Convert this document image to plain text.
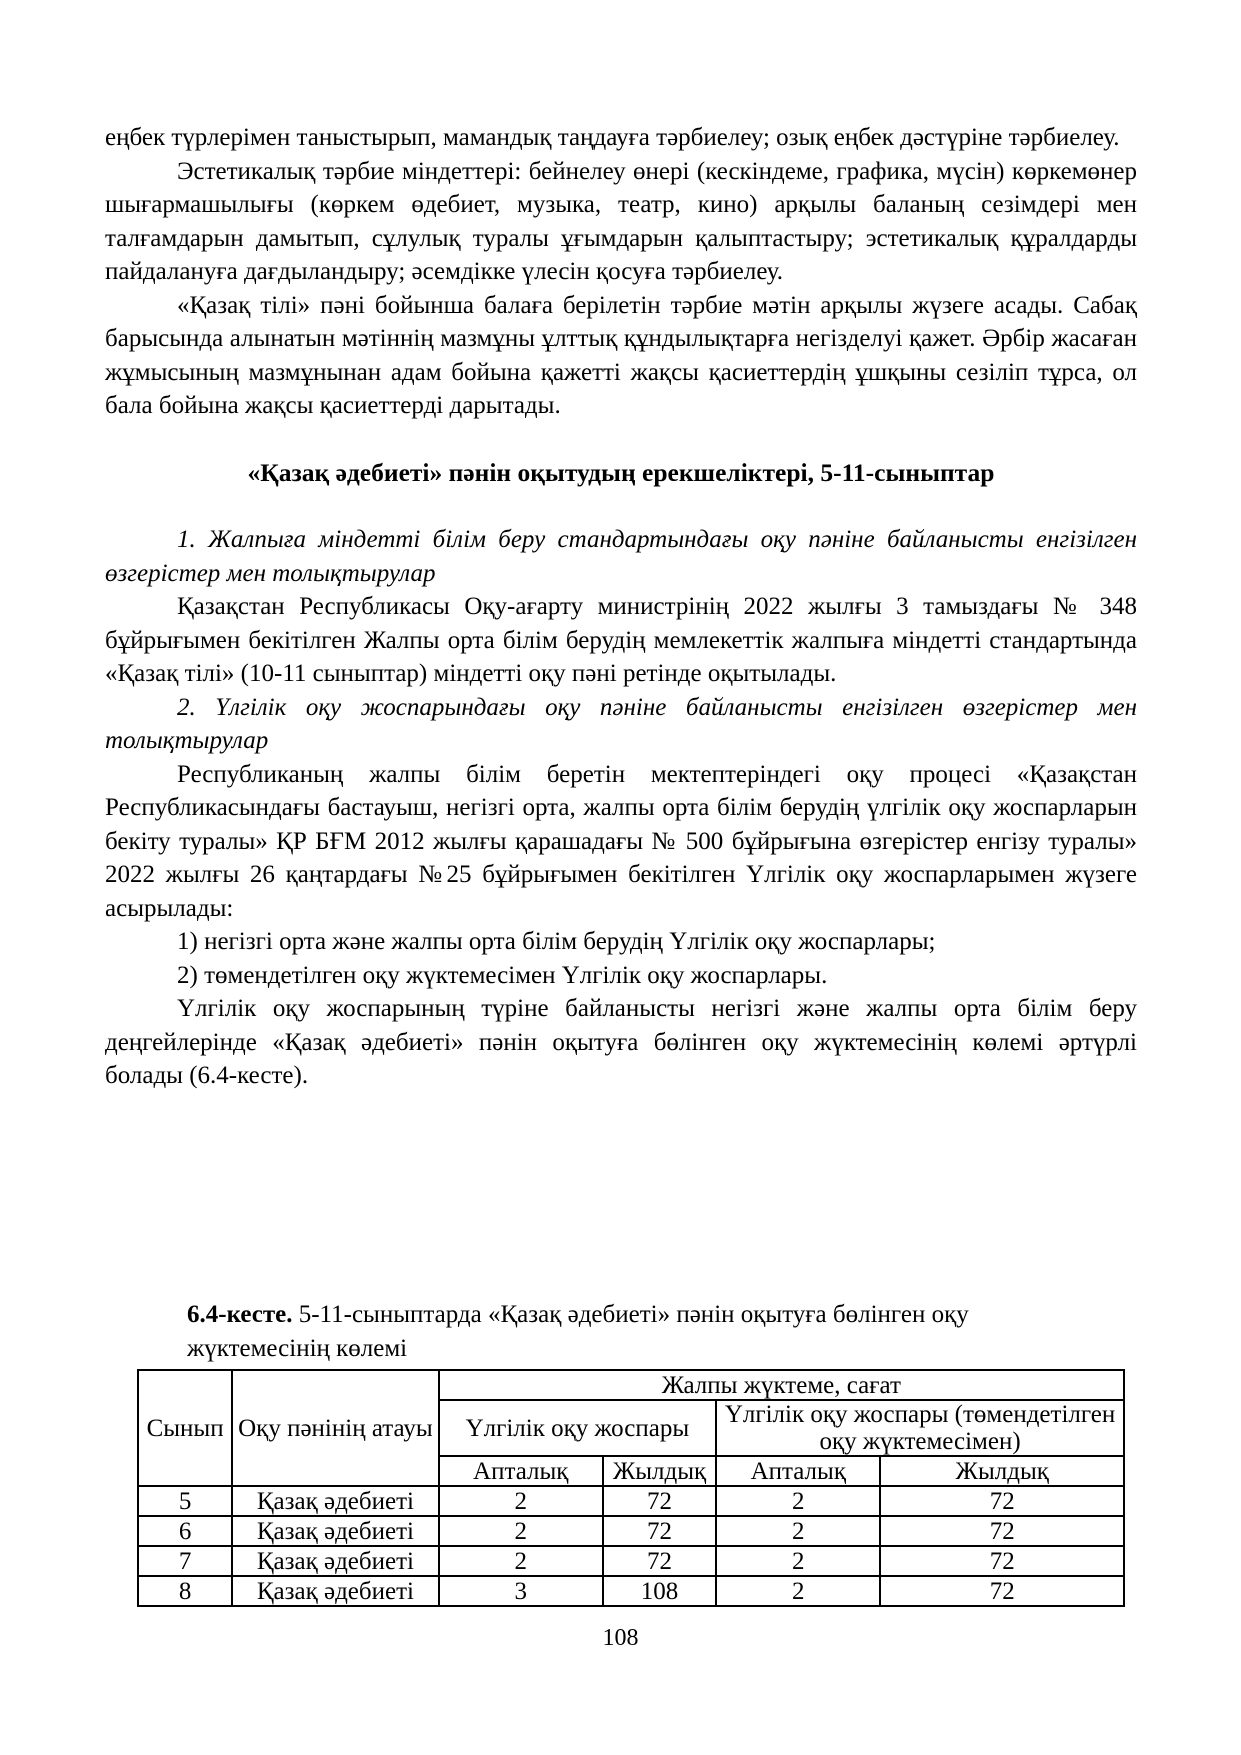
еңбек түрлерімен таныстырып, мамандық таңдауға тәрбиелеу; озық еңбек дәстүріне тәрбиелеу.

Эстетикалық тәрбие міндеттері: бейнелеу өнері (кескіндеме, графика, мүсін) көркемөнер шығармашылығы (көркем өдебиет, музыка, театр, кино) арқылы баланың сезімдері мен талғамдарын дамытып, сұлулық туралы ұғымдарын қалыптастыру; эстетикалық құралдарды пайдалануға дағдыландыру; әсемдікке үлесін қосуға тәрбиелеу.

«Қазақ тілі» пәні бойынша балаға берілетін тәрбие мәтін арқылы жүзеге асады. Сабақ барысында алынатын мәтіннің мазмұны ұлттық құндылықтарға негізделуі қажет. Әрбір жасаған жұмысының мазмұнынан адам бойына қажетті жақсы қасиеттердің ұшқыны сезіліп тұрса, ол бала бойына жақсы қасиеттерді дарытады.

«Қазақ әдебиеті» пәнін оқытудың ерекшеліктері, 5-11-сыныптар

1. Жалпыға міндетті білім беру стандартындағы оқу пәніне байланысты енгізілген өзгерістер мен толықтырулар

Қазақстан Республикасы Оқу-ағарту министрінің 2022 жылғы 3 тамыздағы № 348 бұйрығымен бекітілген Жалпы орта білім берудің мемлекеттік жалпыға міндетті стандартында «Қазақ тілі» (10-11 сыныптар) міндетті оқу пәні ретінде оқытылады.

2. Үлгілік оқу жоспарындағы оқу пәніне байланысты енгізілген өзгерістер мен толықтырулар

Республиканың жалпы білім беретін мектептеріндегі оқу процесі «Қазақстан Республикасындағы бастауыш, негізгі орта, жалпы орта білім берудің үлгілік оқу жоспарларын бекіту туралы» ҚР БҒМ 2012 жылғы қарашадағы № 500 бұйрығына өзгерістер енгізу туралы» 2022 жылғы 26 қаңтардағы №25 бұйрығымен бекітілген Үлгілік оқу жоспарларымен жүзеге асырылады:

1) негізгі орта және жалпы орта білім берудің Үлгілік оқу жоспарлары;

2) төмендетілген оқу жүктемесімен Үлгілік оқу жоспарлары.

Үлгілік оқу жоспарының түріне байланысты негізгі және жалпы орта білім беру деңгейлерінде «Қазақ әдебиеті» пәнін оқытуға бөлінген оқу жүктемесінің көлемі әртүрлі болады (6.4-кесте).

6.4-кесте. 5-11-сыныптарда «Қазақ әдебиеті» пәнін оқытуға бөлінген оқу жүктемесінің көлемі
Сынып	Оқу пәнінің атауы	Жалпы жүктеме, сағат			
		Үлгілік оқу жоспары		Үлгілік оқу жоспары (төмендетілген оқу жүктемесімен)	
		Апталық	Жылдық	Апталық	Жылдық
5	Қазақ әдебиеті	2	72	2	72
6	Қазақ әдебиеті	2	72	2	72
7	Қазақ әдебиеті	2	72	2	72
8	Қазақ әдебиеті	3	108	2	72
108
